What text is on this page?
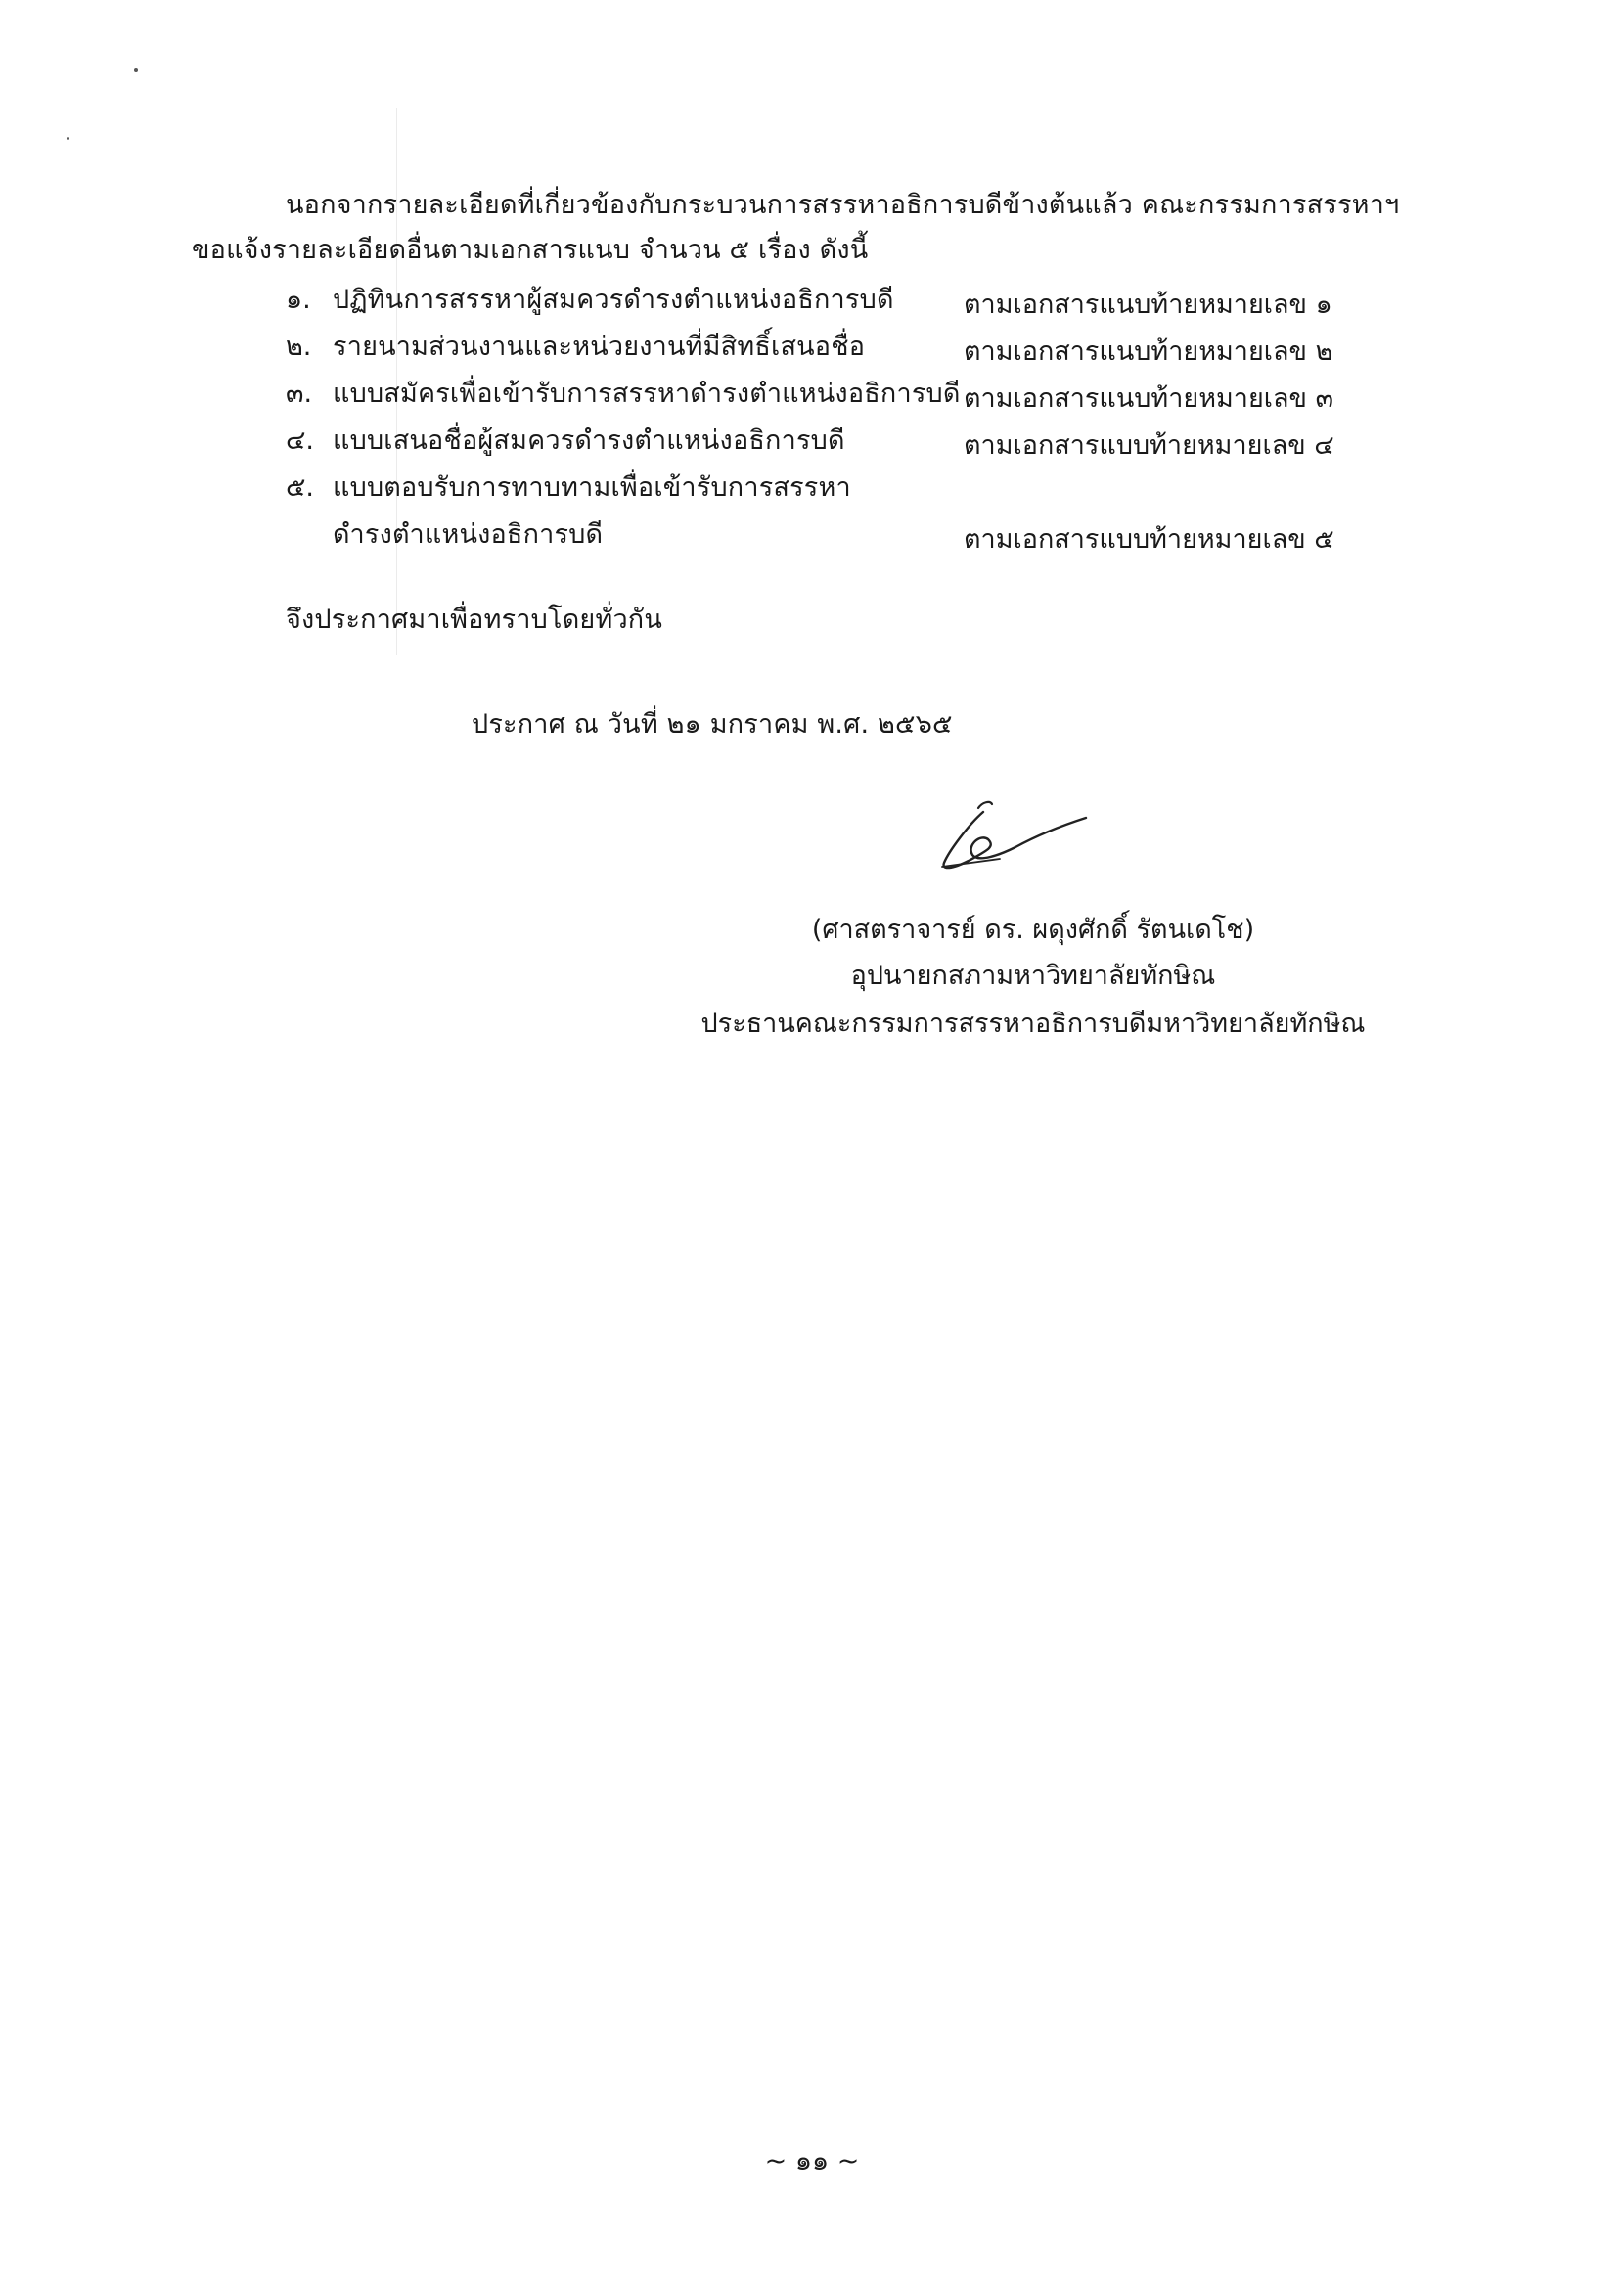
นอกจากรายละเอียดที่เกี่ยวข้องกับกระบวนการสรรหาอธิการบดีข้างต้นแล้ว คณะกรรมการสรรหาฯ
ขอแจ้งรายละเอียดอื่นตามเอกสารแนบ จำนวน ๕ เรื่อง ดังนี้
๑. ปฏิทินการสรรหาผู้สมควรดำรงตำแหน่งอธิการบดี	ตามเอกสารแนบท้ายหมายเลข ๑
๒. รายนามส่วนงานและหน่วยงานที่มีสิทธิ์เสนอชื่อ	ตามเอกสารแนบท้ายหมายเลข ๒
๓. แบบสมัครเพื่อเข้ารับการสรรหาดำรงตำแหน่งอธิการบดี ตามเอกสารแนบท้ายหมายเลข ๓
๔. แบบเสนอชื่อผู้สมควรดำรงตำแหน่งอธิการบดี	ตามเอกสารแบบท้ายหมายเลข ๔
๕. แบบตอบรับการทาบทามเพื่อเข้ารับการสรรหา
ดำรงตำแหน่งอธิการบดี	ตามเอกสารแบบท้ายหมายเลข ๕
จึงประกาศมาเพื่อทราบโดยทั่วกัน
ประกาศ ณ วันที่ ๒๑ มกราคม พ.ศ. ๒๕๖๕
(ศาสตราจารย์ ดร. ผดุงศักดิ์ รัตนเดโช)
อุปนายกสภามหาวิทยาลัยทักษิณ
ประธานคณะกรรมการสรรหาอธิการบดีมหาวิทยาลัยทักษิณ
~ ๑๑ ~
